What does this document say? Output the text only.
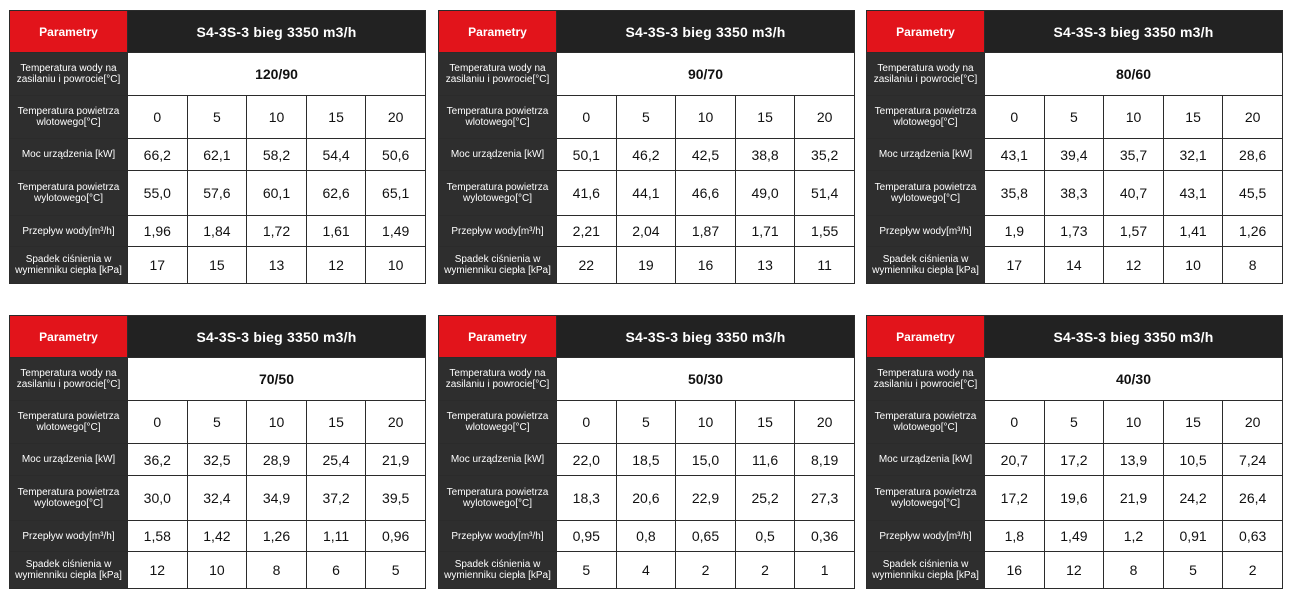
Parametry	S4-3S-3 bieg 3350 m3/h				
Temperatura wody na zasilaniu i powrocie[°C]	120/90				
Temperatura powietrza wlotowego[°C]	0	5	10	15	20
Moc urządzenia [kW]	66,2	62,1	58,2	54,4	50,6
Temperatura powietrza wylotowego[°C]	55,0	57,6	60,1	62,6	65,1
Przepływ wody[m³/h]	1,96	1,84	1,72	1,61	1,49
Spadek ciśnienia w wymienniku ciepła [kPa]	17	15	13	12	10
Parametry	S4-3S-3 bieg 3350 m3/h				
Temperatura wody na zasilaniu i powrocie[°C]	90/70				
Temperatura powietrza wlotowego[°C]	0	5	10	15	20
Moc urządzenia [kW]	50,1	46,2	42,5	38,8	35,2
Temperatura powietrza wylotowego[°C]	41,6	44,1	46,6	49,0	51,4
Przepływ wody[m³/h]	2,21	2,04	1,87	1,71	1,55
Spadek ciśnienia w wymienniku ciepła [kPa]	22	19	16	13	11
Parametry	S4-3S-3 bieg 3350 m3/h				
Temperatura wody na zasilaniu i powrocie[°C]	80/60				
Temperatura powietrza wlotowego[°C]	0	5	10	15	20
Moc urządzenia [kW]	43,1	39,4	35,7	32,1	28,6
Temperatura powietrza wylotowego[°C]	35,8	38,3	40,7	43,1	45,5
Przepływ wody[m³/h]	1,9	1,73	1,57	1,41	1,26
Spadek ciśnienia w wymienniku ciepła [kPa]	17	14	12	10	8
Parametry	S4-3S-3 bieg 3350 m3/h				
Temperatura wody na zasilaniu i powrocie[°C]	70/50				
Temperatura powietrza wlotowego[°C]	0	5	10	15	20
Moc urządzenia [kW]	36,2	32,5	28,9	25,4	21,9
Temperatura powietrza wylotowego[°C]	30,0	32,4	34,9	37,2	39,5
Przepływ wody[m³/h]	1,58	1,42	1,26	1,11	0,96
Spadek ciśnienia w wymienniku ciepła [kPa]	12	10	8	6	5
Parametry	S4-3S-3 bieg 3350 m3/h				
Temperatura wody na zasilaniu i powrocie[°C]	50/30				
Temperatura powietrza wlotowego[°C]	0	5	10	15	20
Moc urządzenia [kW]	22,0	18,5	15,0	11,6	8,19
Temperatura powietrza wylotowego[°C]	18,3	20,6	22,9	25,2	27,3
Przepływ wody[m³/h]	0,95	0,8	0,65	0,5	0,36
Spadek ciśnienia w wymienniku ciepła [kPa]	5	4	2	2	1
Parametry	S4-3S-3 bieg 3350 m3/h				
Temperatura wody na zasilaniu i powrocie[°C]	40/30				
Temperatura powietrza wlotowego[°C]	0	5	10	15	20
Moc urządzenia [kW]	20,7	17,2	13,9	10,5	7,24
Temperatura powietrza wylotowego[°C]	17,2	19,6	21,9	24,2	26,4
Przepływ wody[m³/h]	1,8	1,49	1,2	0,91	0,63
Spadek ciśnienia w wymienniku ciepła [kPa]	16	12	8	5	2
